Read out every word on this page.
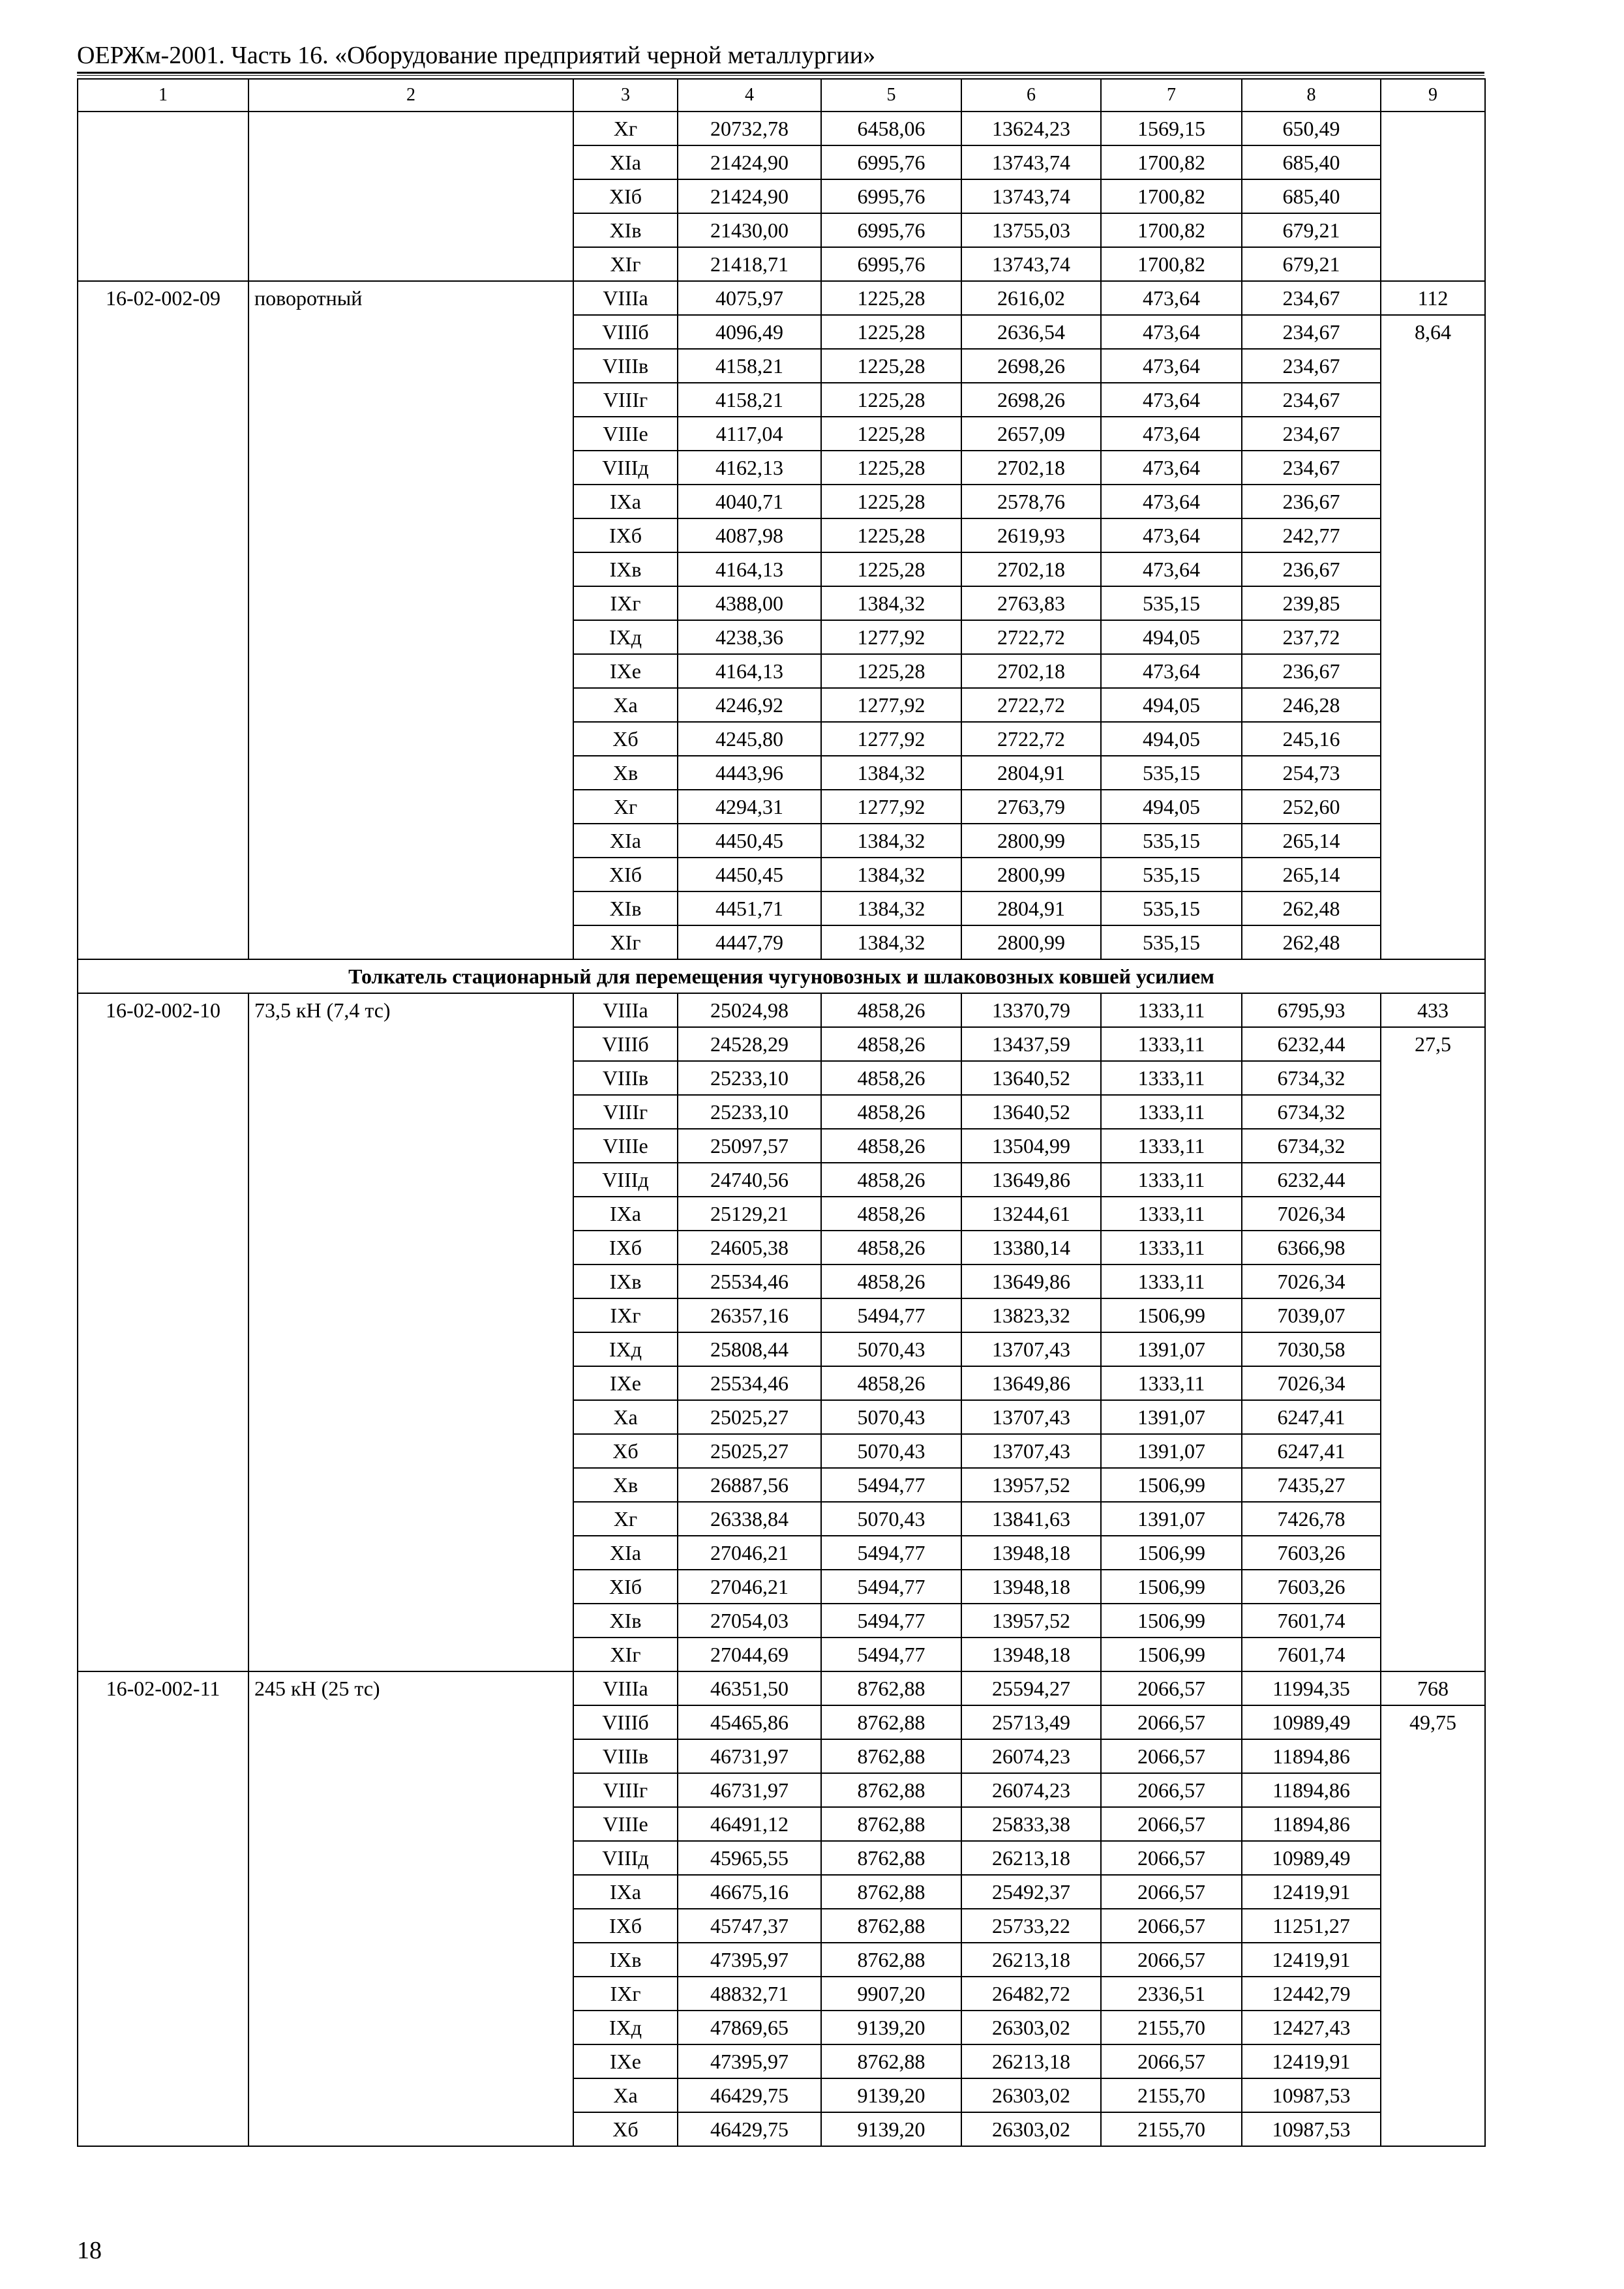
ОЕРЖм-2001. Часть 16. «Оборудование предприятий черной металлургии»
1	2	3	4	5	6	7	8	9
		Xг	20732,78	6458,06	13624,23	1569,15	650,49	
		XIа	21424,90	6995,76	13743,74	1700,82	685,40	
		XIб	21424,90	6995,76	13743,74	1700,82	685,40	
		XIв	21430,00	6995,76	13755,03	1700,82	679,21	
		XIг	21418,71	6995,76	13743,74	1700,82	679,21	
16-02-002-09	поворотный	VIIIа	4075,97	1225,28	2616,02	473,64	234,67	112
		VIIIб	4096,49	1225,28	2636,54	473,64	234,67	8,64
		VIIIв	4158,21	1225,28	2698,26	473,64	234,67	
		VIIIг	4158,21	1225,28	2698,26	473,64	234,67	
		VIIIе	4117,04	1225,28	2657,09	473,64	234,67	
		VIIIд	4162,13	1225,28	2702,18	473,64	234,67	
		IXа	4040,71	1225,28	2578,76	473,64	236,67	
		IXб	4087,98	1225,28	2619,93	473,64	242,77	
		IXв	4164,13	1225,28	2702,18	473,64	236,67	
		IXг	4388,00	1384,32	2763,83	535,15	239,85	
		IXд	4238,36	1277,92	2722,72	494,05	237,72	
		IXе	4164,13	1225,28	2702,18	473,64	236,67	
		Xа	4246,92	1277,92	2722,72	494,05	246,28	
		Xб	4245,80	1277,92	2722,72	494,05	245,16	
		Xв	4443,96	1384,32	2804,91	535,15	254,73	
		Xг	4294,31	1277,92	2763,79	494,05	252,60	
		XIа	4450,45	1384,32	2800,99	535,15	265,14	
		XIб	4450,45	1384,32	2800,99	535,15	265,14	
		XIв	4451,71	1384,32	2804,91	535,15	262,48	
		XIг	4447,79	1384,32	2800,99	535,15	262,48	
Толкатель стационарный для перемещения чугуновозных и шлаковозных ковшей усилием								
16-02-002-10	73,5 кН (7,4 тс)	VIIIа	25024,98	4858,26	13370,79	1333,11	6795,93	433
		VIIIб	24528,29	4858,26	13437,59	1333,11	6232,44	27,5
		VIIIв	25233,10	4858,26	13640,52	1333,11	6734,32	
		VIIIг	25233,10	4858,26	13640,52	1333,11	6734,32	
		VIIIе	25097,57	4858,26	13504,99	1333,11	6734,32	
		VIIIд	24740,56	4858,26	13649,86	1333,11	6232,44	
		IXа	25129,21	4858,26	13244,61	1333,11	7026,34	
		IXб	24605,38	4858,26	13380,14	1333,11	6366,98	
		IXв	25534,46	4858,26	13649,86	1333,11	7026,34	
		IXг	26357,16	5494,77	13823,32	1506,99	7039,07	
		IXд	25808,44	5070,43	13707,43	1391,07	7030,58	
		IXе	25534,46	4858,26	13649,86	1333,11	7026,34	
		Xа	25025,27	5070,43	13707,43	1391,07	6247,41	
		Xб	25025,27	5070,43	13707,43	1391,07	6247,41	
		Xв	26887,56	5494,77	13957,52	1506,99	7435,27	
		Xг	26338,84	5070,43	13841,63	1391,07	7426,78	
		XIа	27046,21	5494,77	13948,18	1506,99	7603,26	
		XIб	27046,21	5494,77	13948,18	1506,99	7603,26	
		XIв	27054,03	5494,77	13957,52	1506,99	7601,74	
		XIг	27044,69	5494,77	13948,18	1506,99	7601,74	
16-02-002-11	245 кН (25 тс)	VIIIа	46351,50	8762,88	25594,27	2066,57	11994,35	768
		VIIIб	45465,86	8762,88	25713,49	2066,57	10989,49	49,75
		VIIIв	46731,97	8762,88	26074,23	2066,57	11894,86	
		VIIIг	46731,97	8762,88	26074,23	2066,57	11894,86	
		VIIIе	46491,12	8762,88	25833,38	2066,57	11894,86	
		VIIIд	45965,55	8762,88	26213,18	2066,57	10989,49	
		IXа	46675,16	8762,88	25492,37	2066,57	12419,91	
		IXб	45747,37	8762,88	25733,22	2066,57	11251,27	
		IXв	47395,97	8762,88	26213,18	2066,57	12419,91	
		IXг	48832,71	9907,20	26482,72	2336,51	12442,79	
		IXд	47869,65	9139,20	26303,02	2155,70	12427,43	
		IXе	47395,97	8762,88	26213,18	2066,57	12419,91	
		Xа	46429,75	9139,20	26303,02	2155,70	10987,53	
		Xб	46429,75	9139,20	26303,02	2155,70	10987,53	
18
